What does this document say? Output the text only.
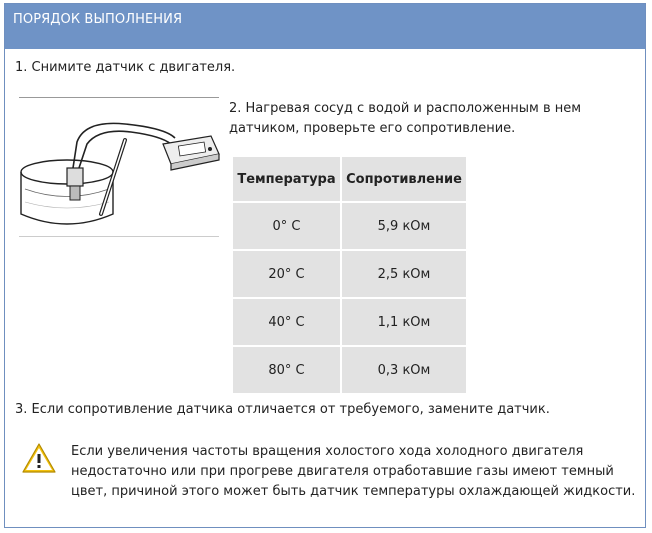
ПОРЯДОК ВЫПОЛНЕНИЯ
1. Снимите датчик с двигателя.
2. Нагревая сосуд с водой и расположенным в нем датчиком, проверьте его сопротивление.
Температура	Сопротивление
0° C	5,9 кОм
20° C	2,5 кОм
40° C	1,1 кОм
80° C	0,3 кОм
3. Если сопротивление датчика отличается от требуемого, замените датчик.
Если увеличения частоты вращения холостого хода холодного двигателя недостаточно или при прогреве двигателя отработавшие газы имеют темный цвет, причиной этого может быть датчик температуры охлаждающей жидкости.
